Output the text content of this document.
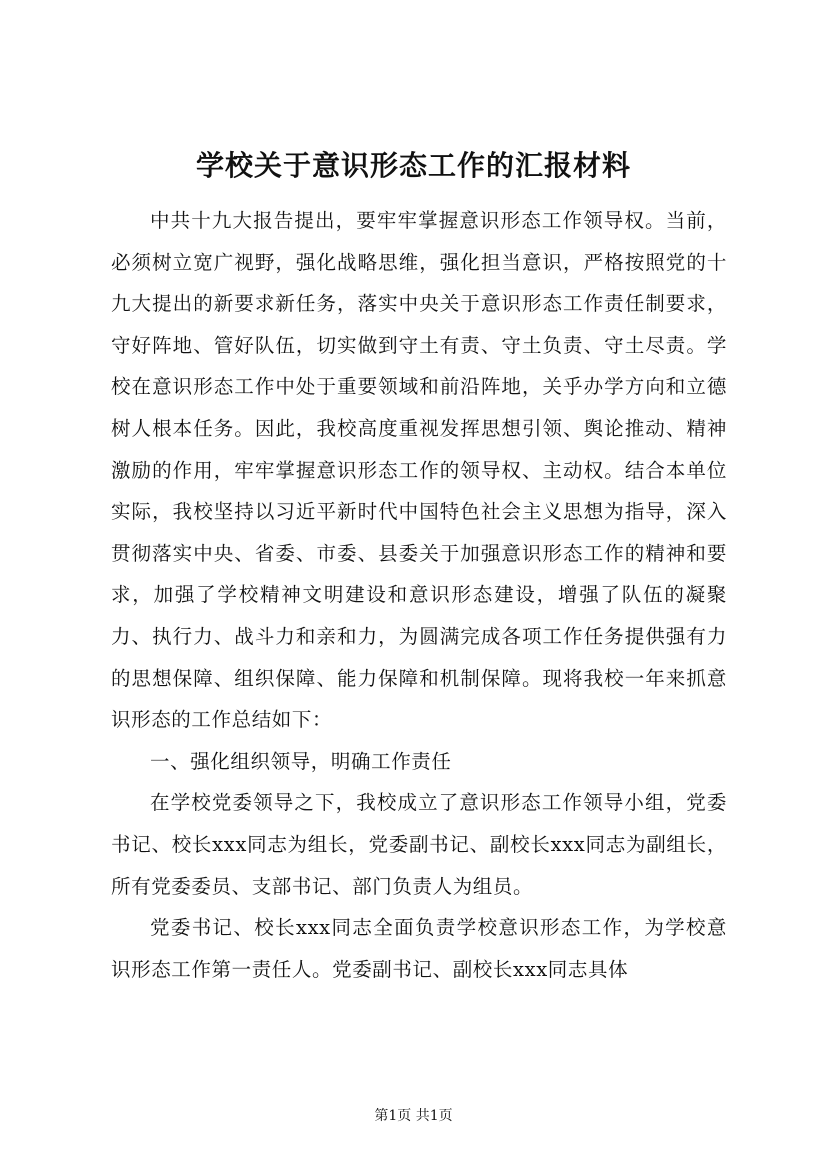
学校关于意识形态工作的汇报材料

中共十九大报告提出，要牢牢掌握意识形态工作领导权。当前，必须树立宽广视野，强化战略思维，强化担当意识，严格按照党的十九大提出的新要求新任务，落实中央关于意识形态工作责任制要求，守好阵地、管好队伍，切实做到守土有责、守土负责、守土尽责。学校在意识形态工作中处于重要领域和前沿阵地，关乎办学方向和立德树人根本任务。因此，我校高度重视发挥思想引领、舆论推动、精神激励的作用，牢牢掌握意识形态工作的领导权、主动权。结合本单位实际，我校坚持以习近平新时代中国特色社会主义思想为指导，深入贯彻落实中央、省委、市委、县委关于加强意识形态工作的精神和要求，加强了学校精神文明建设和意识形态建设，增强了队伍的凝聚力、执行力、战斗力和亲和力，为圆满完成各项工作任务提供强有力的思想保障、组织保障、能力保障和机制保障。现将我校一年来抓意识形态的工作总结如下：

一、强化组织领导，明确工作责任

在学校党委领导之下，我校成立了意识形态工作领导小组，党委书记、校长xxx同志为组长，党委副书记、副校长xxx同志为副组长，所有党委委员、支部书记、部门负责人为组员。

党委书记、校长xxx同志全面负责学校意识形态工作，为学校意识形态工作第一责任人。党委副书记、副校长xxx同志具体

第1页 共1页
